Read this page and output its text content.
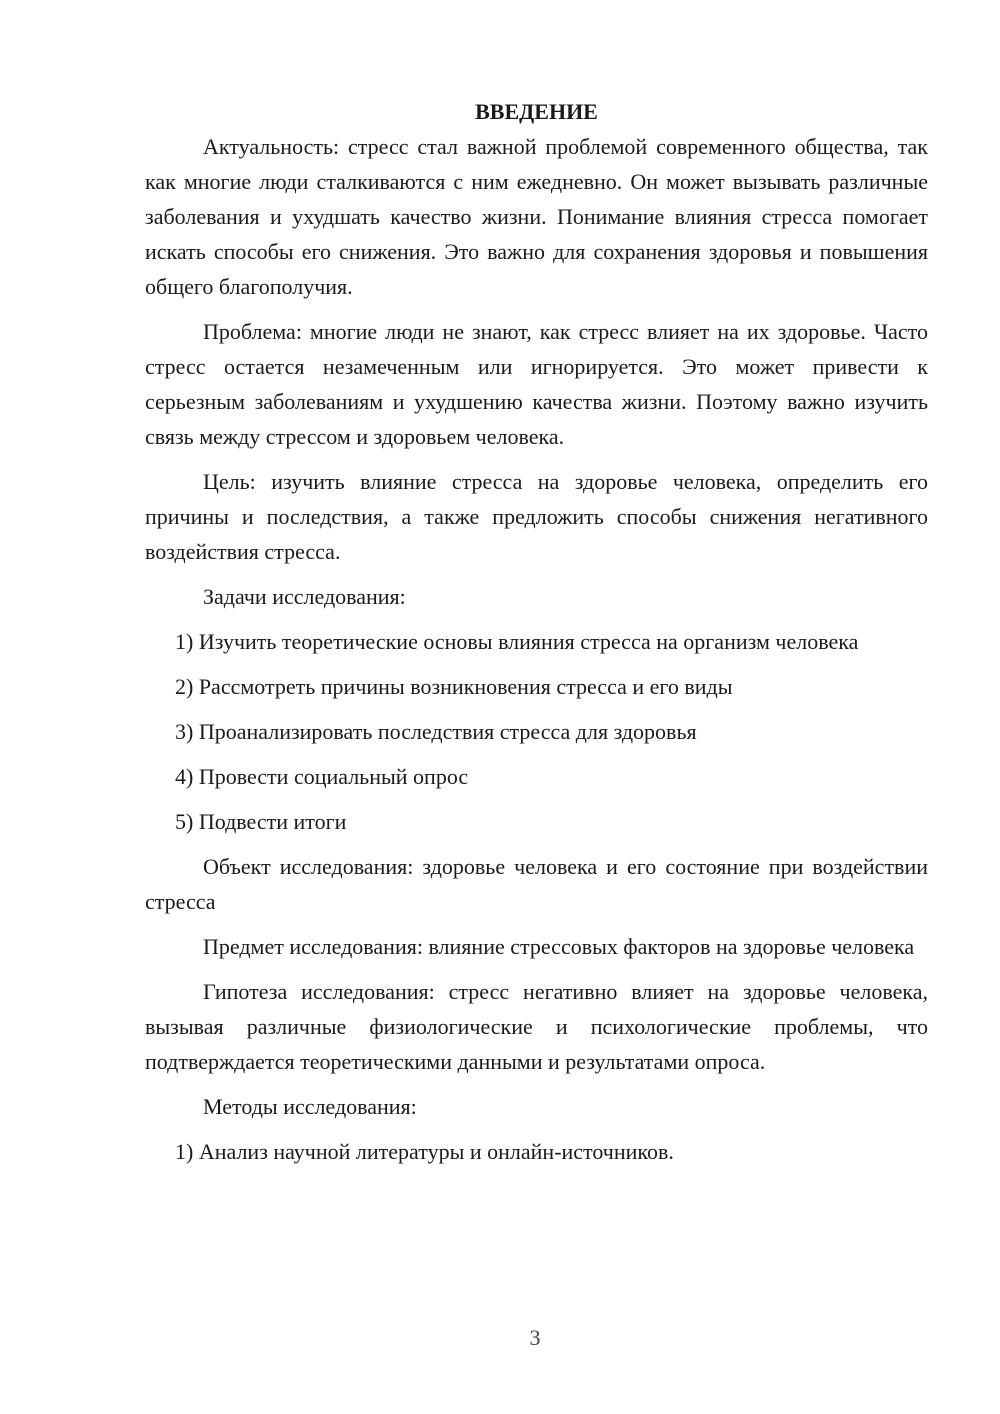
ВВЕДЕНИЕ

Актуальность: стресс стал важной проблемой современного общества, так как многие люди сталкиваются с ним ежедневно. Он может вызывать различные заболевания и ухудшать качество жизни. Понимание влияния стресса помогает искать способы его снижения. Это важно для сохранения здоровья и повышения общего благополучия.

Проблема: многие люди не знают, как стресс влияет на их здоровье. Часто стресс остается незамеченным или игнорируется. Это может привести к серьезным заболеваниям и ухудшению качества жизни. Поэтому важно изучить связь между стрессом и здоровьем человека.

Цель: изучить влияние стресса на здоровье человека, определить его причины и последствия, а также предложить способы снижения негативного воздействия стресса.

Задачи исследования:

1) Изучить теоретические основы влияния стресса на организм человека

2) Рассмотреть причины возникновения стресса и его виды

3) Проанализировать последствия стресса для здоровья

4) Провести социальный опрос

5) Подвести итоги

Объект исследования: здоровье человека и его состояние при воздействии стресса

Предмет исследования: влияние стрессовых факторов на здоровье человека

Гипотеза исследования: стресс негативно влияет на здоровье человека, вызывая различные физиологические и психологические проблемы, что подтверждается теоретическими данными и результатами опроса.

Методы исследования:

1) Анализ научной литературы и онлайн-источников.

3
